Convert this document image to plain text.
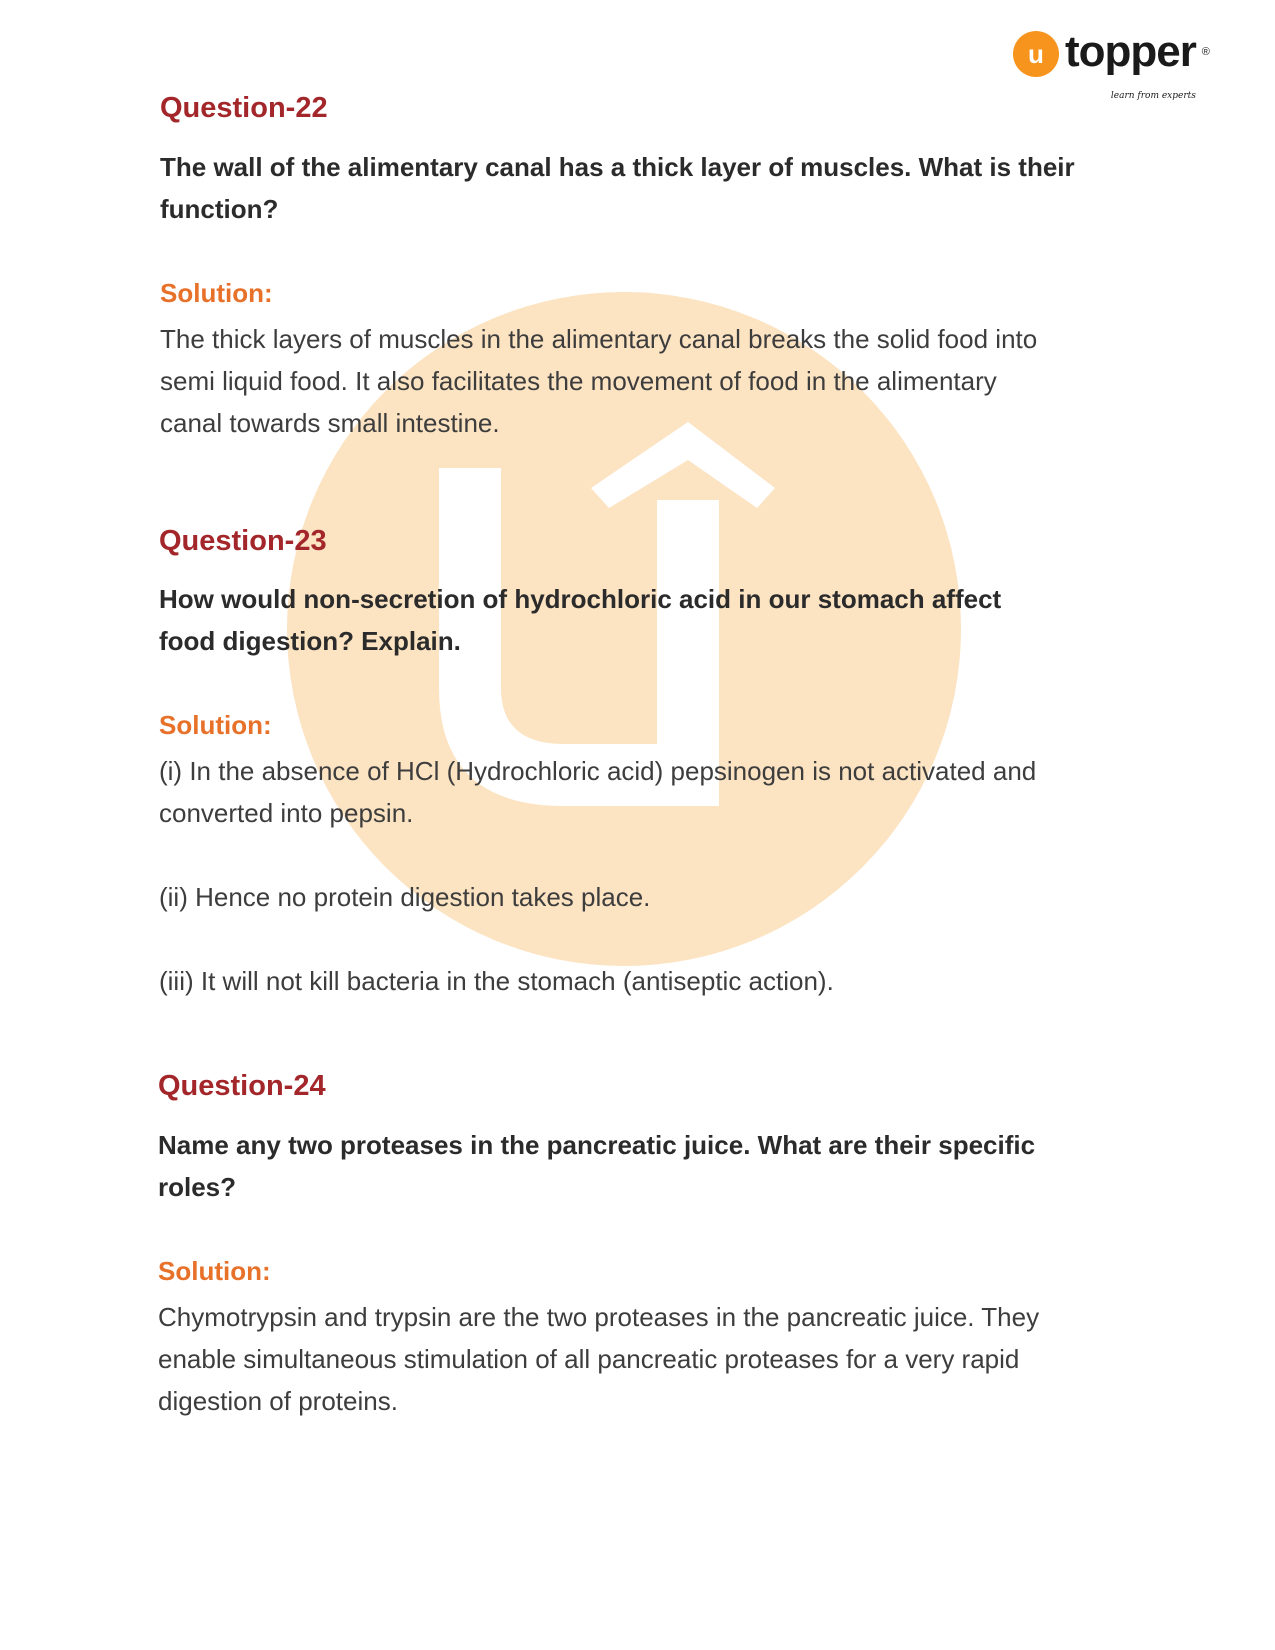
u topper ®
learn from experts
Question-22

The wall of the alimentary canal has a thick layer of muscles. What is their function?

Solution:

The thick layers of muscles in the alimentary canal breaks the solid food into semi liquid food. It also facilitates the movement of food in the alimentary canal towards small intestine.

Question-23

How would non-secretion of hydrochloric acid in our stomach affect food digestion? Explain.

Solution:

(i) In the absence of HCl (Hydrochloric acid) pepsinogen is not activated and converted into pepsin.

(ii) Hence no protein digestion takes place.

(iii) It will not kill bacteria in the stomach (antiseptic action).

Question-24

Name any two proteases in the pancreatic juice. What are their specific roles?

Solution:

Chymotrypsin and trypsin are the two proteases in the pancreatic juice. They enable simultaneous stimulation of all pancreatic proteases for a very rapid digestion of proteins.
